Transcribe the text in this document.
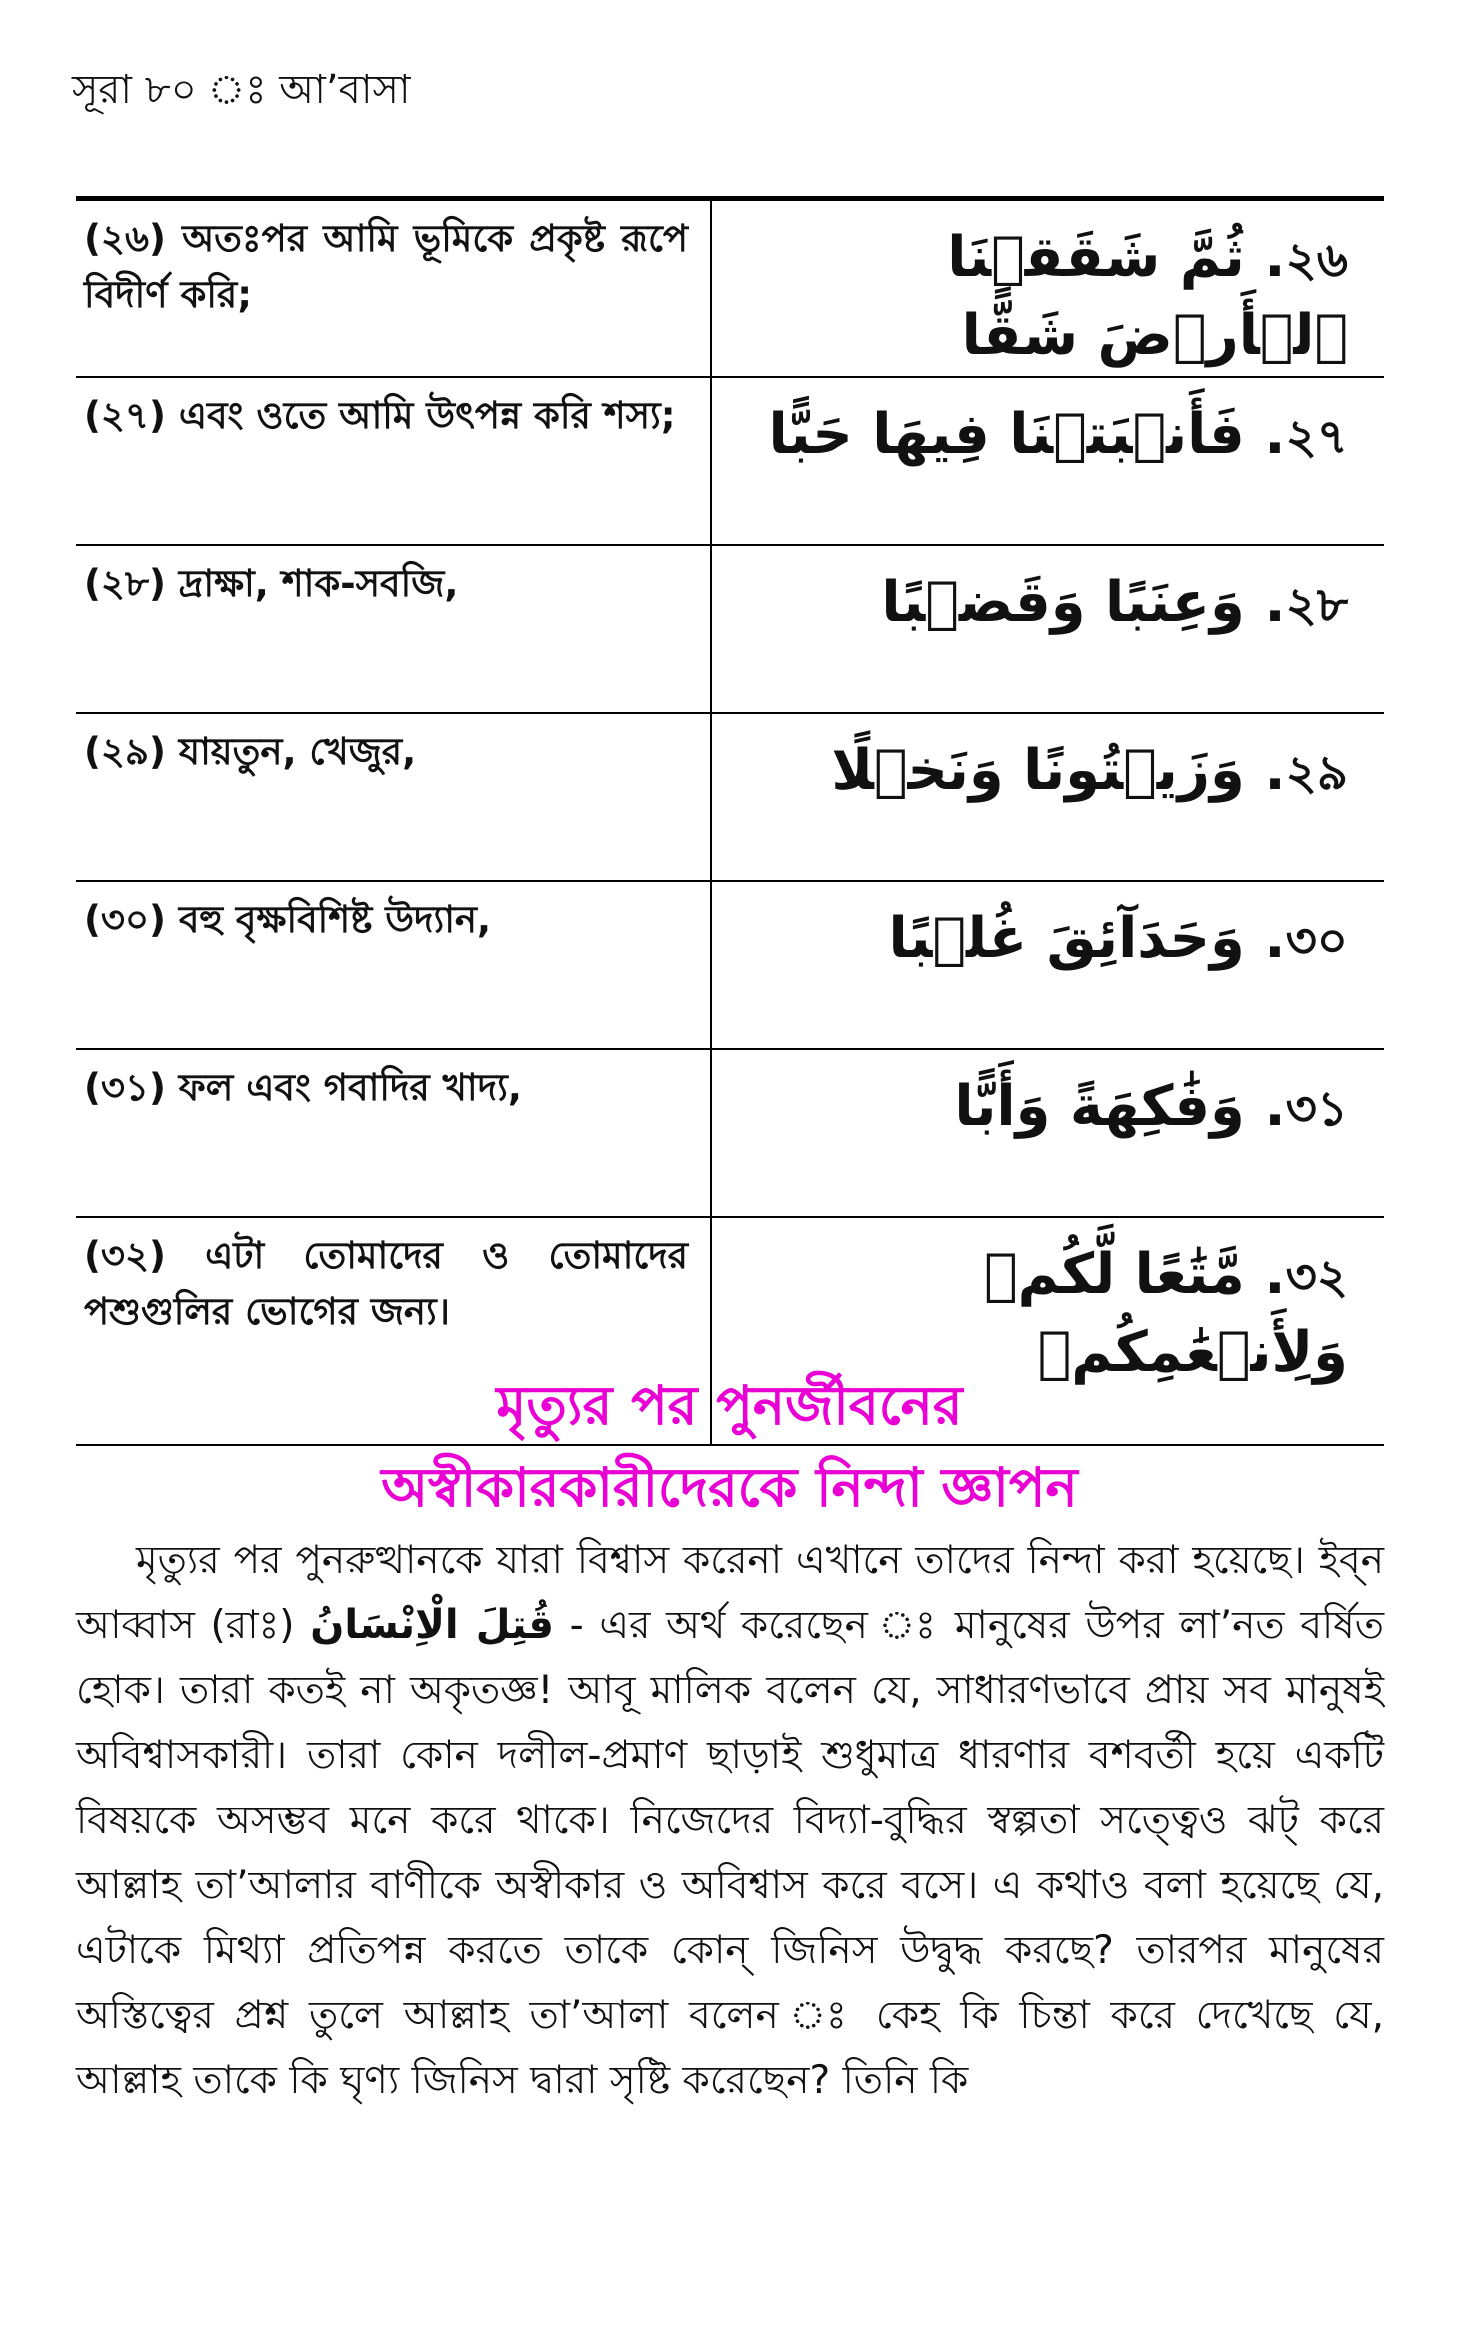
সূরা ৮০ ঃ আ’বাসা
(২৬) অতঃপর আমি ভূমিকে প্রকৃষ্ট রূপে বিদীর্ণ করি;	২৬. ثُمَّ شَقَقۡنَا ٱلۡأَرۡضَ شَقًّا

(২৭) এবং ওতে আমি উৎপন্ন করি শস্য;	২৭. فَأَنۢبَتۡنَا فِيهَا حَبًّا

(২৮) দ্রাক্ষা, শাক-সবজি,	২৮. وَعِنَبًا وَقَضۡبًا

(২৯) যায়তুন, খেজুর,	২৯. وَزَيۡتُونًا وَنَخۡلًا

(৩০) বহু বৃক্ষবিশিষ্ট উদ্যান,	৩০. وَحَدَآئِقَ غُلۡبًا

(৩১) ফল এবং গবাদির খাদ্য,	৩১. وَفَٰكِهَةً وَأَبًّا

(৩২) এটা তোমাদের ও তোমাদের পশুগুলির ভোগের জন্য।	৩২. مَّتَٰعًا لَّكُمۡ وَلِأَنۡعَٰمِكُمۡ
মৃত্যুর পর পুনর্জীবনের
অস্বীকারকারীদেরকে নিন্দা জ্ঞাপন

মৃত্যুর পর পুনরুত্থানকে যারা বিশ্বাস করেনা এখানে তাদের নিন্দা করা হয়েছে। ইব্‌ন আব্বাস (রাঃ) قُتِلَ الْاِنْسَانُ - এর অর্থ করেছেন ঃ মানুষের উপর লা’নত বর্ষিত হোক। তারা কতই না অকৃতজ্ঞ! আবূ মালিক বলেন যে, সাধারণভাবে প্রায় সব মানুষই অবিশ্বাসকারী। তারা কোন দলীল-প্রমাণ ছাড়াই শুধুমাত্র ধারণার বশবর্তী হয়ে একটি বিষয়কে অসম্ভব মনে করে থাকে। নিজেদের বিদ্যা-বুদ্ধির স্বল্পতা সত্ত্বেও ঝট্‌ করে আল্লাহ তা’আলার বাণীকে অস্বীকার ও অবিশ্বাস করে বসে। এ কথাও বলা হয়েছে যে, এটাকে মিথ্যা প্রতিপন্ন করতে তাকে কোন্‌ জিনিস উদ্বুদ্ধ করছে? তারপর মানুষের অস্তিত্বের প্রশ্ন তুলে আল্লাহ তা’আলা বলেন ঃ কেহ কি চিন্তা করে দেখেছে যে, আল্লাহ তাকে কি ঘৃণ্য জিনিস দ্বারা সৃষ্টি করেছেন? তিনি কি
